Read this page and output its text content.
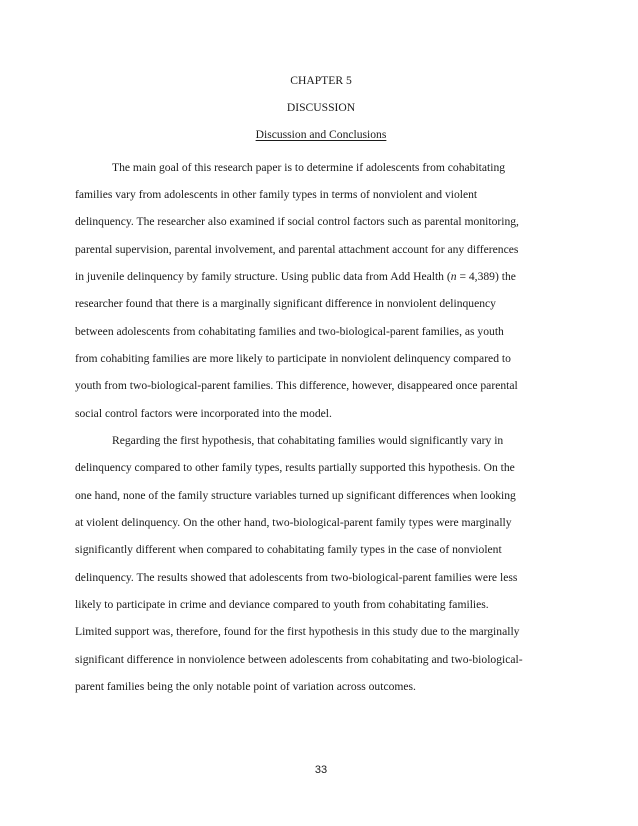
CHAPTER 5
DISCUSSION
Discussion and Conclusions
The main goal of this research paper is to determine if adolescents from cohabitating
families vary from adolescents in other family types in terms of nonviolent and violent
delinquency. The researcher also examined if social control factors such as parental monitoring,
parental supervision, parental involvement, and parental attachment account for any differences
in juvenile delinquency by family structure. Using public data from Add Health (n = 4,389) the
researcher found that there is a marginally significant difference in nonviolent delinquency
between adolescents from cohabitating families and two-biological-parent families, as youth
from cohabiting families are more likely to participate in nonviolent delinquency compared to
youth from two-biological-parent families. This difference, however, disappeared once parental
social control factors were incorporated into the model.
Regarding the first hypothesis, that cohabitating families would significantly vary in
delinquency compared to other family types, results partially supported this hypothesis. On the
one hand, none of the family structure variables turned up significant differences when looking
at violent delinquency. On the other hand, two-biological-parent family types were marginally
significantly different when compared to cohabitating family types in the case of nonviolent
delinquency. The results showed that adolescents from two-biological-parent families were less
likely to participate in crime and deviance compared to youth from cohabitating families.
Limited support was, therefore, found for the first hypothesis in this study due to the marginally
significant difference in nonviolence between adolescents from cohabitating and two-biological-
parent families being the only notable point of variation across outcomes.
33
